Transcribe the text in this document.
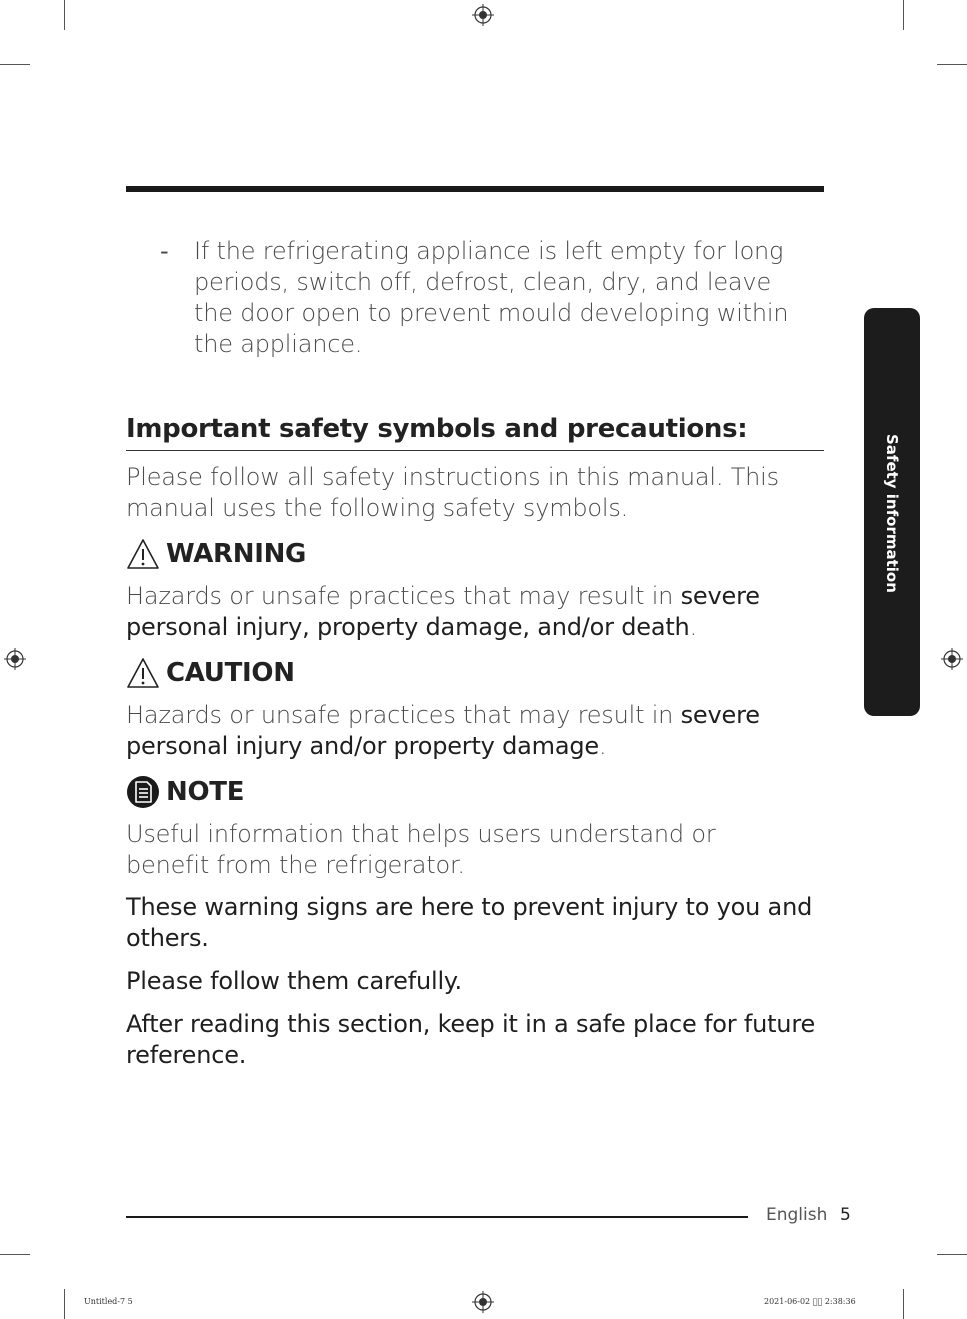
- If the refrigerating appliance is left empty for long periods, switch off, defrost, clean, dry, and leave the door open to prevent mould developing within the appliance.
Important safety symbols and precautions:
Please follow all safety instructions in this manual. This manual uses the following safety symbols.
WARNING
Hazards or unsafe practices that may result in severe personal injury, property damage, and/or death.
CAUTION
Hazards or unsafe practices that may result in severe personal injury and/or property damage.
NOTE
Useful information that helps users understand or benefit from the refrigerator.
These warning signs are here to prevent injury to you and others.
Please follow them carefully.
After reading this section, keep it in a safe place for future reference.
Safety information
English 5
Untitled-7 5	2021-06-02 ￿￿ 2:38:36
